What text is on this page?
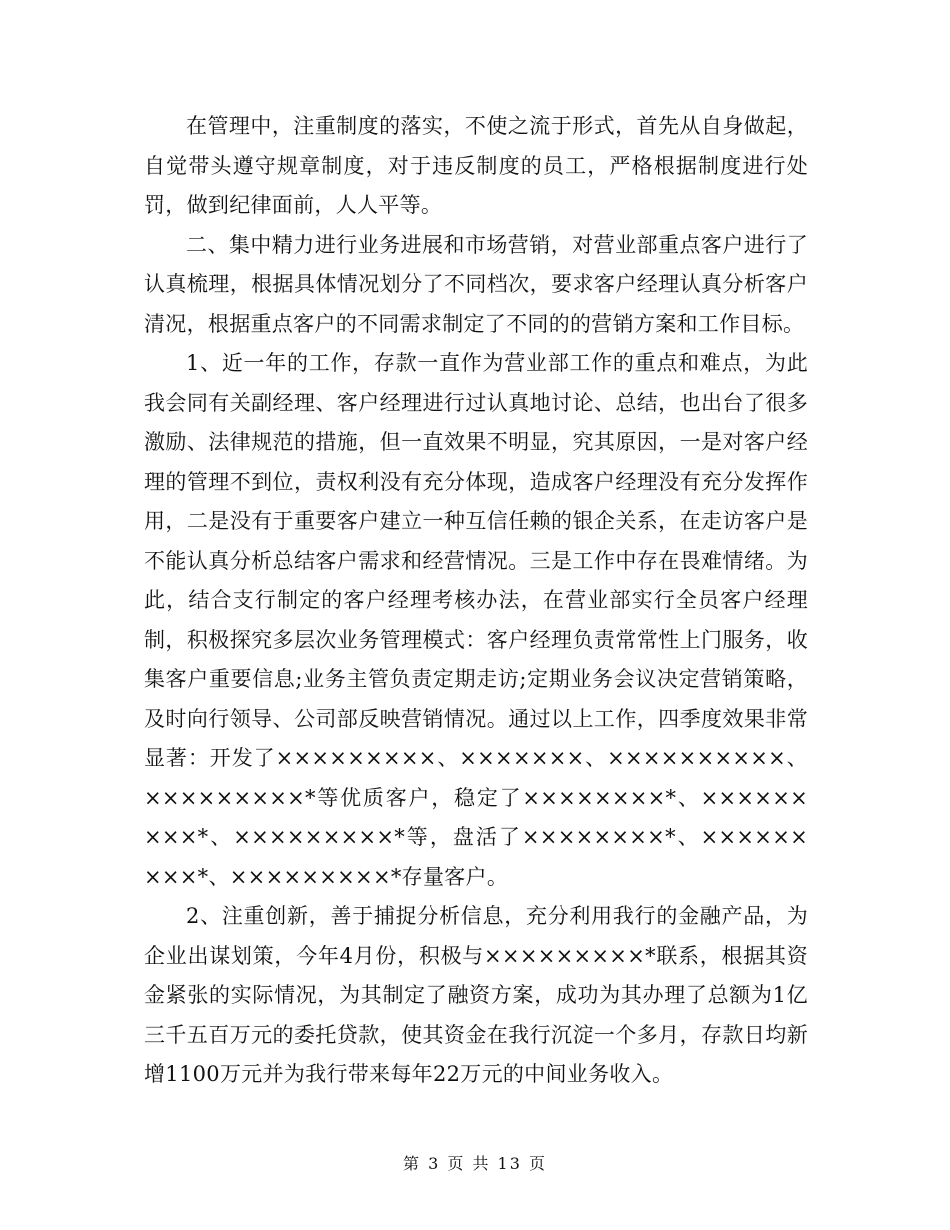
在管理中，注重制度的落实，不使之流于形式，首先从自身做起，自觉带头遵守规章制度，对于违反制度的员工，严格根据制度进行处罚，做到纪律面前，人人平等。

二、集中精力进行业务进展和市场营销，对营业部重点客户进行了认真梳理，根据具体情况划分了不同档次，要求客户经理认真分析客户清况，根据重点客户的不同需求制定了不同的的营销方案和工作目标。

1、近一年的工作，存款一直作为营业部工作的重点和难点，为此我会同有关副经理、客户经理进行过认真地讨论、总结，也出台了很多激励、法律规范的措施，但一直效果不明显，究其原因，一是对客户经理的管理不到位，责权利没有充分体现，造成客户经理没有充分发挥作用，二是没有于重要客户建立一种互信任赖的银企关系，在走访客户是不能认真分析总结客户需求和经营情况。三是工作中存在畏难情绪。为此，结合支行制定的客户经理考核办法，在营业部实行全员客户经理制，积极探究多层次业务管理模式：客户经理负责常常性上门服务，收集客户重要信息;业务主管负责定期走访;定期业务会议决定营销策略，及时向行领导、公司部反映营销情况。通过以上工作，四季度效果非常显著：开发了×××××××××、×××××××、××××××××××、×××××××××*等优质客户，稳定了××××××××*、×××××××××*、×××××××××*等，盘活了××××××××*、×××××××××*、×××××××××*存量客户。

2、注重创新，善于捕捉分析信息，充分利用我行的金融产品，为企业出谋划策，今年4月份，积极与×××××××××*联系，根据其资金紧张的实际情况，为其制定了融资方案，成功为其办理了总额为1亿三千五百万元的委托贷款，使其资金在我行沉淀一个多月，存款日均新增1100万元并为我行带来每年22万元的中间业务收入。

第 3 页 共 13 页
